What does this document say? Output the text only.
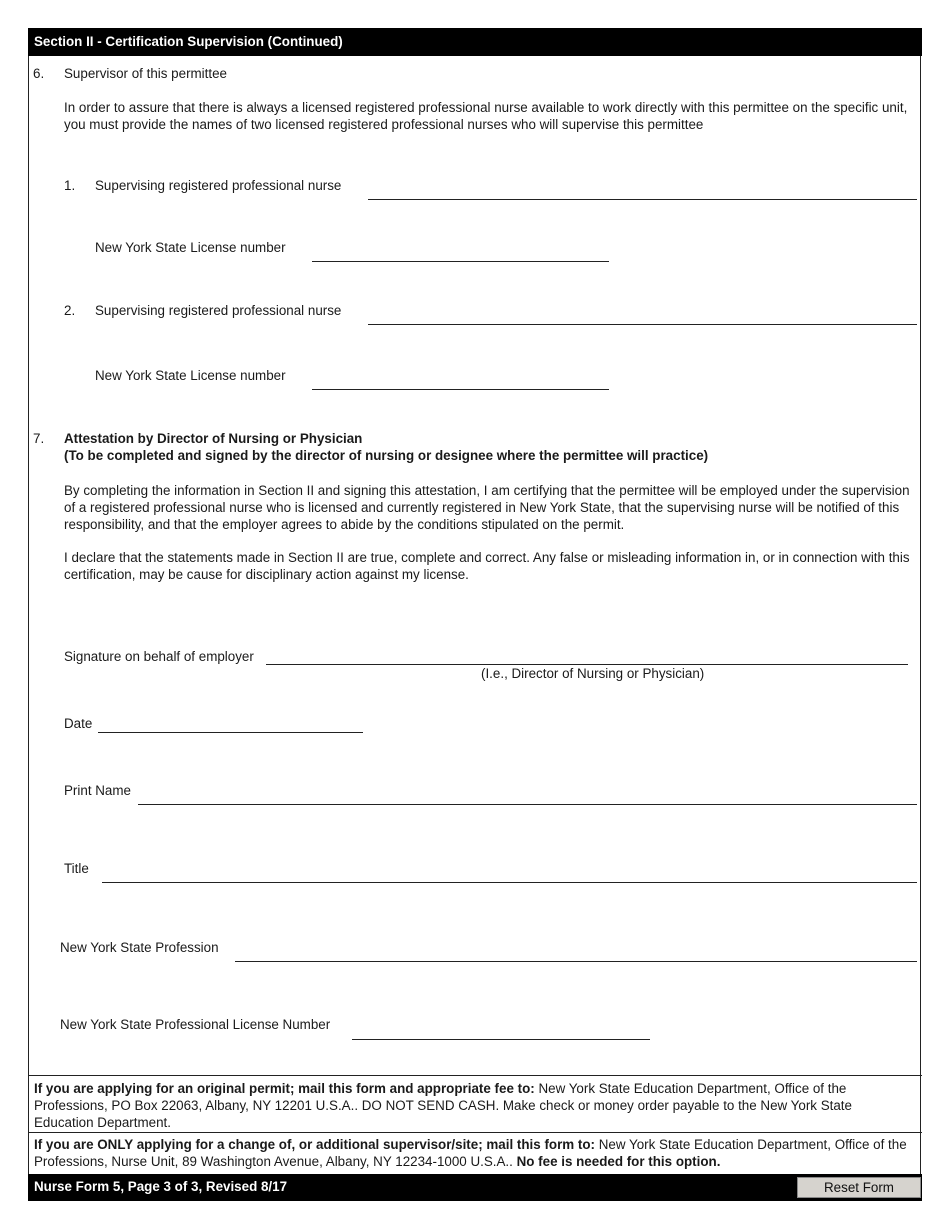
Section II - Certification Supervision (Continued)
6. Supervisor of this permittee

In order to assure that there is always a licensed registered professional nurse available to work directly with this permittee on the specific unit, you must provide the names of two licensed registered professional nurses who will supervise this permittee

1. Supervising registered professional nurse
New York State License number
2. Supervising registered professional nurse
New York State License number
7. Attestation by Director of Nursing or Physician
(To be completed and signed by the director of nursing or designee where the permittee will practice)

By completing the information in Section II and signing this attestation, I am certifying that the permittee will be employed under the supervision of a registered professional nurse who is licensed and currently registered in New York State, that the supervising nurse will be notified of this responsibility, and that the employer agrees to abide by the conditions stipulated on the permit.

I declare that the statements made in Section II are true, complete and correct. Any false or misleading information in, or in connection with this certification, may be cause for disciplinary action against my license.

Signature on behalf of employer
(I.e., Director of Nursing or Physician)
Date
Print Name
Title
New York State Profession
New York State Professional License Number

If you are applying for an original permit; mail this form and appropriate fee to: New York State Education Department, Office of the Professions, PO Box 22063, Albany, NY 12201 U.S.A.. DO NOT SEND CASH. Make check or money order payable to the New York State Education Department.

If you are ONLY applying for a change of, or additional supervisor/site; mail this form to: New York State Education Department, Office of the Professions, Nurse Unit, 89 Washington Avenue, Albany, NY 12234-1000 U.S.A.. No fee is needed for this option.

Nurse Form 5, Page 3 of 3, Revised 8/17	Reset Form
